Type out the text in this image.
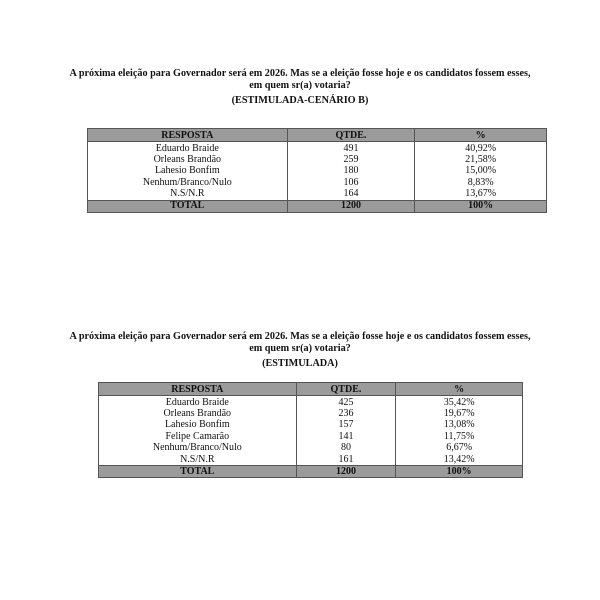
A próxima eleição para Governador será em 2026. Mas se a eleição fosse hoje e os candidatos fossem esses,

em quem sr(a) votaria?

(ESTIMULADA-CENÁRIO B)

RESPOSTA	QTDE.	%
Eduardo Braide	491	40,92%
Orleans Brandão	259	21,58%
Lahesio Bonfim	180	15,00%
Nenhum/Branco/Nulo	106	8,83%
N.S/N.R	164	13,67%
TOTAL	1200	100%

A próxima eleição para Governador será em 2026. Mas se a eleição fosse hoje e os candidatos fossem esses,

em quem sr(a) votaria?

(ESTIMULADA)

RESPOSTA	QTDE.	%
Eduardo Braide	425	35,42%
Orleans Brandão	236	19,67%
Lahesio Bonfim	157	13,08%
Felipe Camarão	141	11,75%
Nenhum/Branco/Nulo	80	6,67%
N.S/N.R	161	13,42%
TOTAL	1200	100%
